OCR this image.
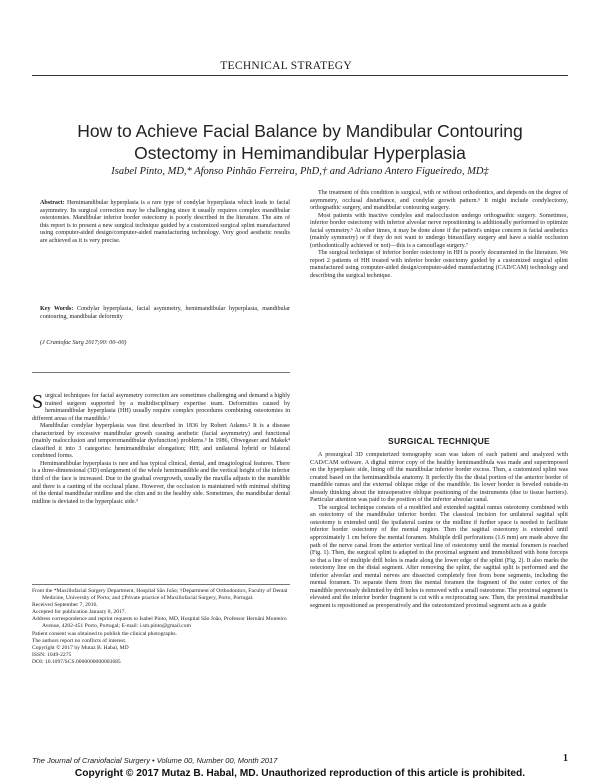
TECHNICAL STRATEGY
How to Achieve Facial Balance by Mandibular Contouring Ostectomy in Hemimandibular Hyperplasia
Isabel Pinto, MD,* Afonso Pinhão Ferreira, PhD,† and Adriano Antero Figueiredo, MD‡
Abstract: Hemimandibular hyperplasia is a rare type of condylar hyperplasia which leads to facial asymmetry. Its surgical correction may be challenging since it usually requires complex mandibular osteotomies. Mandibular inferior border ostectomy is poorly described in the literature. The aim of this report is to present a new surgical technique guided by a customized surgical splint manufactured using computer-aided design/computer-aided manufacturing technology. Very good aesthetic results are achieved as it is very precise.
Key Words: Condylar hyperplasia, facial asymmetry, hemimandibular hyperplasia, mandibular contouring, mandibular deformity
(J Craniofac Surg 2017;00: 00–00)

Surgical techniques for facial asymmetry correction are sometimes challenging and demand a highly trained surgeon supported by a multidisciplinary expertise team. Deformities caused by hemimandibular hyperplasia (HH) usually require complex procedures combining osteotomies in different areas of the mandible.¹

Mandibular condylar hyperplasia was first described in 1836 by Robert Adams.² It is a disease characterized by excessive mandibular growth causing aesthetic (facial asymmetry) and functional (mainly malocclusion and temporomandibular dysfunction) problems.³ In 1986, Obwegeser and Makek⁴ classified it into 3 categories: hemimandibular elongation; HH; and unilateral hybrid or bilateral combined forms.

Hemimandibular hyperplasia is rare and has typical clinical, dental, and imagiological features. There is a three-dimensional (3D) enlargement of the whole hemimandible and the vertical height of the inferior third of the face is increased. Due to the gradual overgrowth, usually the maxilla adjusts to the mandible and there is a canting of the occlusal plane. However, the occlusion is maintained with minimal shifting of the dental mandibular midline and the chin and to the healthy side. Sometimes, the mandibular dental midline is deviated to the hyperplasic side.⁵

From the *Maxillofacial Surgery Department, Hospital São João; †Department of Orthodontics, Faculty of Dental Medicine, University of Porto; and ‡Private practice of Maxillofacial Surgery, Porto, Portugal.
Received September 7, 2016.
Accepted for publication January 8, 2017.
Address correspondence and reprint requests to Isabel Pinto, MD, Hospital São João, Professor Hernâni Monteiro Avenue, 4202-451 Porto, Portugal; E-mail: i.sm.pinto@gmail.com
Patient consent was obtained to publish the clinical photographs.
The authors report no conflicts of interest.
Copyright © 2017 by Mutaz B. Habal, MD
ISSN: 1049-2275
DOI: 10.1097/SCS.0000000000003685

The treatment of this condition is surgical, with or without orthodontics, and depends on the degree of asymmetry, occlusal disturbance, and condylar growth pattern.⁵ It might include condylectomy, orthognathic surgery, and mandibular contouring surgery.

Most patients with inactive condyles and malocclusion undergo orthognathic surgery. Sometimes, inferior border ostectomy with inferior alveolar nerve repositioning is additionally performed to optimize facial symmetry.⁶ At other times, it may be done alone if the patient's unique concern is facial aesthetics (mainly symmetry) or if they do not want to undergo bimaxillary surgery and have a stable occlusion (orthodontically achieved or not)—this is a camouflage surgery.⁷

The surgical technique of inferior border ostectomy in HH is poorly documented in the literature. We report 2 patients of HH treated with inferior border ostectomy guided by a customized surgical splint manufactured using computer-aided design/computer-aided manufacturing (CAD/CAM) technology and describing the surgical technique.

SURGICAL TECHNIQUE

A presurgical 3D computerized tomography scan was taken of each patient and analyzed with CAD/CAM software. A digital mirror copy of the healthy hemimandibula was made and superimposed on the hyperplasic side, lining off the mandibular inferior border excess. Then, a customized splint was created based on the hemimandibula anatomy. It perfectly fits the distal portion of the anterior border of mandible ramus and the external oblique ridge of the mandible. Its lower border is beveled outside-in already thinking about the intraoperative oblique positioning of the instruments (due to tissue barriers). Particular attention was paid to the position of the inferior alveolar canal.

The surgical technique consists of a modified and extended sagittal ramus osteotomy combined with an ostectomy of the mandibular inferior border. The classical incision for unilateral sagittal split osteotomy is extended until the ipsilateral canine or the midline if further space is needed to facilitate inferior border ostectomy of the mental region. Then the sagittal osteotomy is extended until approximately 1 cm before the mental foramen. Multiple drill perforations (1.6 mm) are made above the path of the nerve canal from the anterior vertical line of osteotomy until the mental foramen is reached (Fig. 1). Then, the surgical splint is adapted to the proximal segment and immobilized with bone forceps so that a line of multiple drill holes is made along the lower edge of the splint (Fig. 2). It also marks the ostectomy line on the distal segment. After removing the splint, the sagittal split is performed and the inferior alveolar and mental nerves are dissected completely free from bone segments, including the mental foramen. To separate them from the mental foramen the fragment of the outer cortex of the mandible previously delimited by drill holes is removed with a small osteotome. The proximal segment is elevated and the inferior border fragment is cut with a reciprocating saw. Then, the proximal mandibular segment is repositioned as preoperatively and the osteotomized proximal segment acts as a guide

The Journal of Craniofacial Surgery • Volume 00, Number 00, Month 2017	1
Copyright © 2017 Mutaz B. Habal, MD. Unauthorized reproduction of this article is prohibited.
